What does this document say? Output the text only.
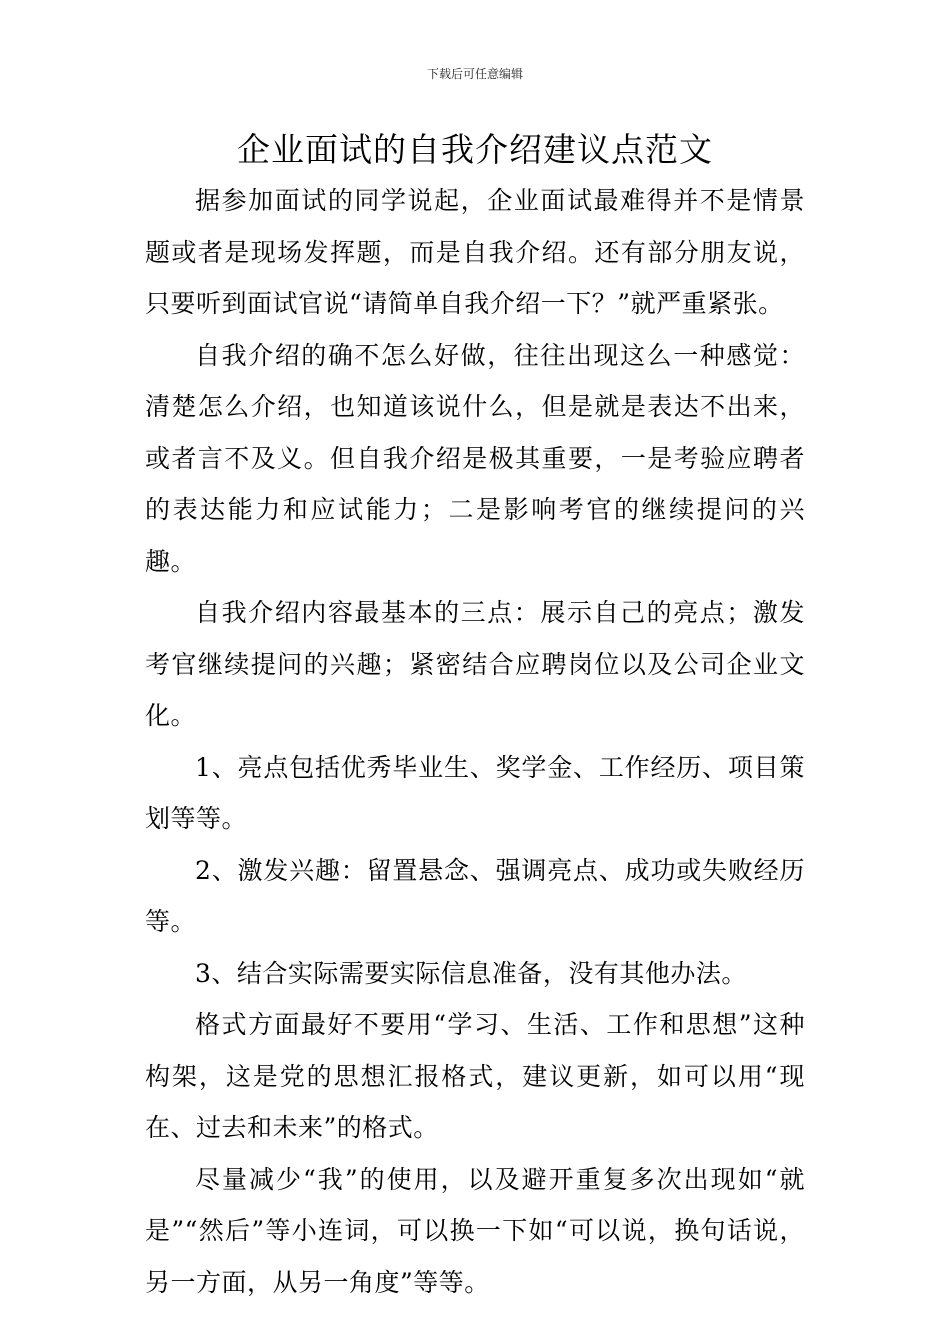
下载后可任意编辑
企业面试的自我介绍建议点范文

据参加面试的同学说起，企业面试最难得并不是情景题或者是现场发挥题，而是自我介绍。还有部分朋友说，只要听到面试官说“请简单自我介绍一下？”就严重紧张。

自我介绍的确不怎么好做，往往出现这么一种感觉：清楚怎么介绍，也知道该说什么，但是就是表达不出来，或者言不及义。但自我介绍是极其重要，一是考验应聘者的表达能力和应试能力；二是影响考官的继续提问的兴趣。

自我介绍内容最基本的三点：展示自己的亮点；激发考官继续提问的兴趣；紧密结合应聘岗位以及公司企业文化。

1、亮点包括优秀毕业生、奖学金、工作经历、项目策划等等。

2、激发兴趣：留置悬念、强调亮点、成功或失败经历等。

3、结合实际需要实际信息准备，没有其他办法。

格式方面最好不要用“学习、生活、工作和思想”这种构架，这是党的思想汇报格式，建议更新，如可以用“现在、过去和未来”的格式。

尽量减少“我”的使用，以及避开重复多次出现如“就是”“然后”等小连词，可以换一下如“可以说，换句话说，另一方面，从另一角度”等等。
